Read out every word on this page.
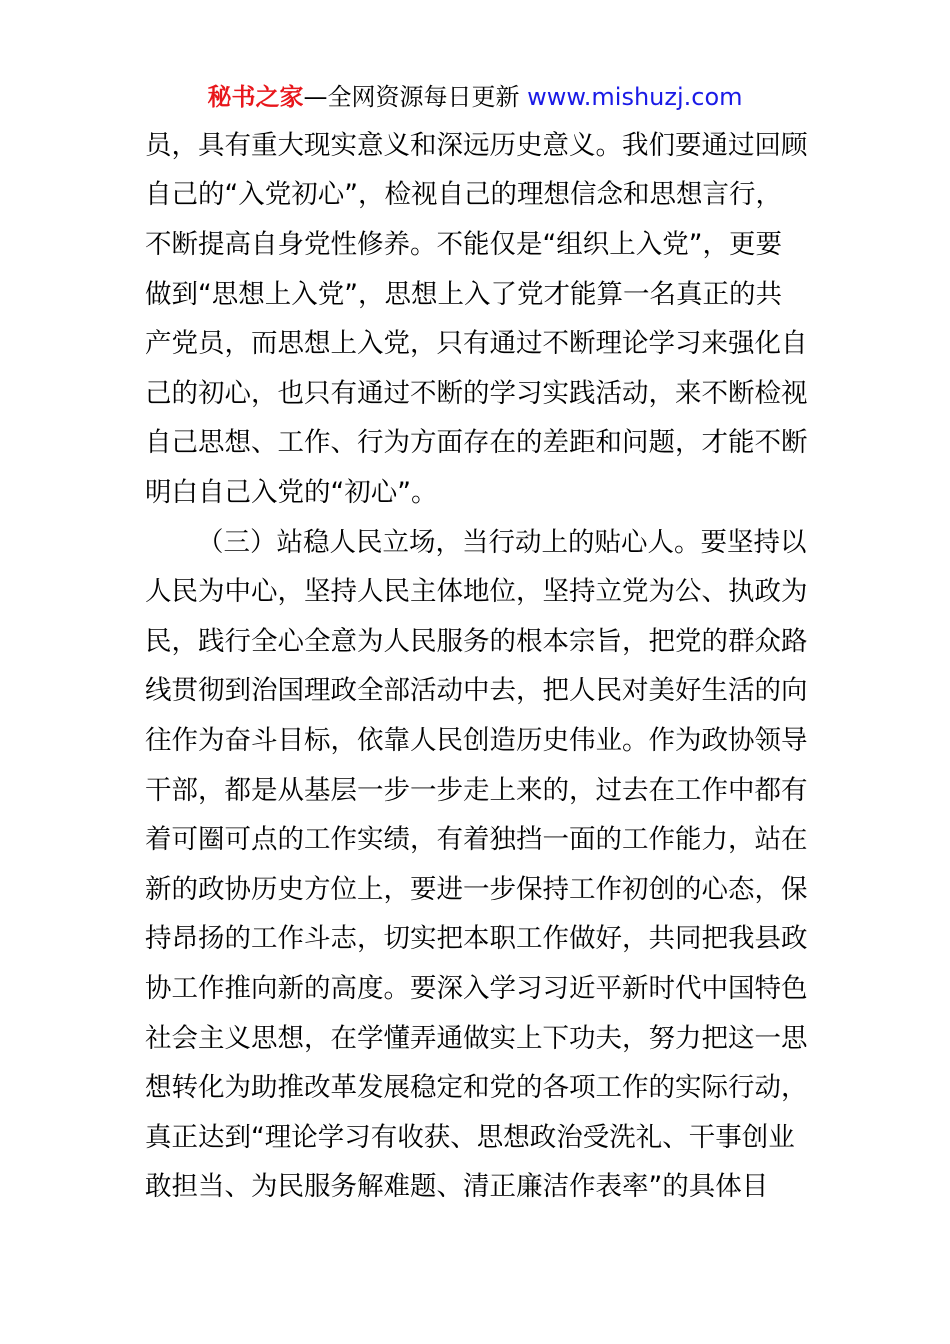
秘书之家—全网资源每日更新 www.mishuzj.com
员，具有重大现实意义和深远历史意义。我们要通过回顾
自己的“入党初心”，检视自己的理想信念和思想言行，
不断提高自身党性修养。不能仅是“组织上入党”，更要
做到“思想上入党”，思想上入了党才能算一名真正的共
产党员，而思想上入党，只有通过不断理论学习来强化自
己的初心，也只有通过不断的学习实践活动，来不断检视
自己思想、工作、行为方面存在的差距和问题，才能不断
明白自己入党的“初心”。
（三）站稳人民立场，当行动上的贴心人。要坚持以
人民为中心，坚持人民主体地位，坚持立党为公、执政为
民，践行全心全意为人民服务的根本宗旨，把党的群众路
线贯彻到治国理政全部活动中去，把人民对美好生活的向
往作为奋斗目标，依靠人民创造历史伟业。作为政协领导
干部，都是从基层一步一步走上来的，过去在工作中都有
着可圈可点的工作实绩，有着独挡一面的工作能力，站在
新的政协历史方位上，要进一步保持工作初创的心态，保
持昂扬的工作斗志，切实把本职工作做好，共同把我县政
协工作推向新的高度。要深入学习习近平新时代中国特色
社会主义思想，在学懂弄通做实上下功夫，努力把这一思
想转化为助推改革发展稳定和党的各项工作的实际行动，
真正达到“理论学习有收获、思想政治受洗礼、干事创业
敢担当、为民服务解难题、清正廉洁作表率”的具体目
